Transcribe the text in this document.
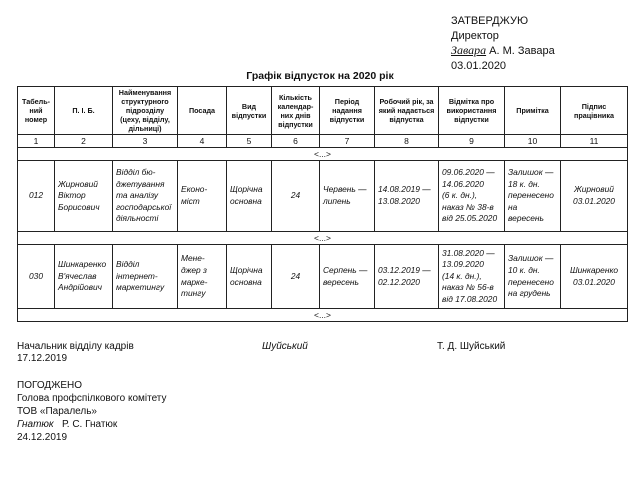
ЗАТВЕРДЖУЮ
Директор
Завара А. М. Завара
03.01.2020
Графік відпусток на 2020 рік
Табель-ний номер	П. І. Б.	Найменування структурного підрозділу (цеху, відділу, дільниці)	Посада	Вид відпустки	Кількість календар-них днів відпустки	Період надання відпустки	Робочий рік, за який надається відпустка	Відмітка про використання відпустки	Примітка	Підпис працівника
1	2	3	4	5	6	7	8	9	10	11
<...>										
012	Жирновий
Віктор
Борисович	Відділ бю-
джетування
та аналізу
господарської
діяльності	Еконо-
міст	Щорічна
основна	24	Червень —
липень	14.08.2019 —
13.08.2020	09.06.2020 —
14.06.2020
(6 к. дн.),
наказ № 38-в
від 25.05.2020	Залишок —
18 к. дн.
перенесено
на
вересень	Жирновий
03.01.2020
<...>										
030	Шинкаренко
В'ячеслав
Андрійович	Відділ
інтернет-
маркетингу	Мене-
джер з
марке-
тингу	Щорічна
основна	24	Серпень —
вересень	03.12.2019 —
02.12.2020	31.08.2020 —
13.09.2020
(14 к. дн.),
наказ № 56-в
від 17.08.2020	Залишок —
10 к. дн.
перенесено
на грудень	Шинкаренко
03.01.2020
<...>										
Начальник відділу кадрів	Шуйський	Т. Д. Шуйський
17.12.2019
ПОГОДЖЕНО
Голова профспілкового комітету
ТОВ «Паралель»
Гнатюк Р. С. Гнатюк
24.12.2019
